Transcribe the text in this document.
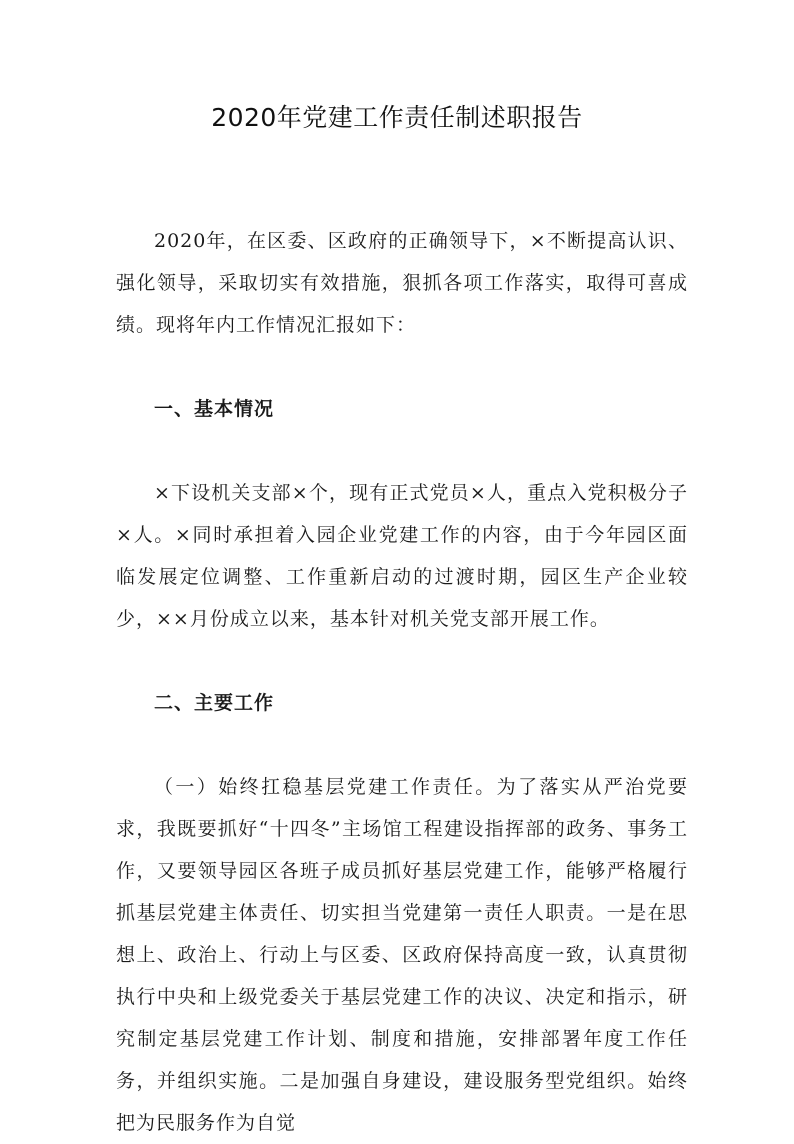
2020年党建工作责任制述职报告

2020年，在区委、区政府的正确领导下，×不断提高认识、强化领导，采取切实有效措施，狠抓各项工作落实，取得可喜成绩。现将年内工作情况汇报如下：

一、基本情况

×下设机关支部×个，现有正式党员×人，重点入党积极分子×人。×同时承担着入园企业党建工作的内容，由于今年园区面临发展定位调整、工作重新启动的过渡时期，园区生产企业较少，××月份成立以来，基本针对机关党支部开展工作。

二、主要工作

（一）始终扛稳基层党建工作责任。为了落实从严治党要求，我既要抓好“十四冬”主场馆工程建设指挥部的政务、事务工作，又要领导园区各班子成员抓好基层党建工作，能够严格履行抓基层党建主体责任、切实担当党建第一责任人职责。一是在思想上、政治上、行动上与区委、区政府保持高度一致，认真贯彻执行中央和上级党委关于基层党建工作的决议、决定和指示，研究制定基层党建工作计划、制度和措施，安排部署年度工作任务，并组织实施。二是加强自身建设，建设服务型党组织。始终把为民服务作为自觉
